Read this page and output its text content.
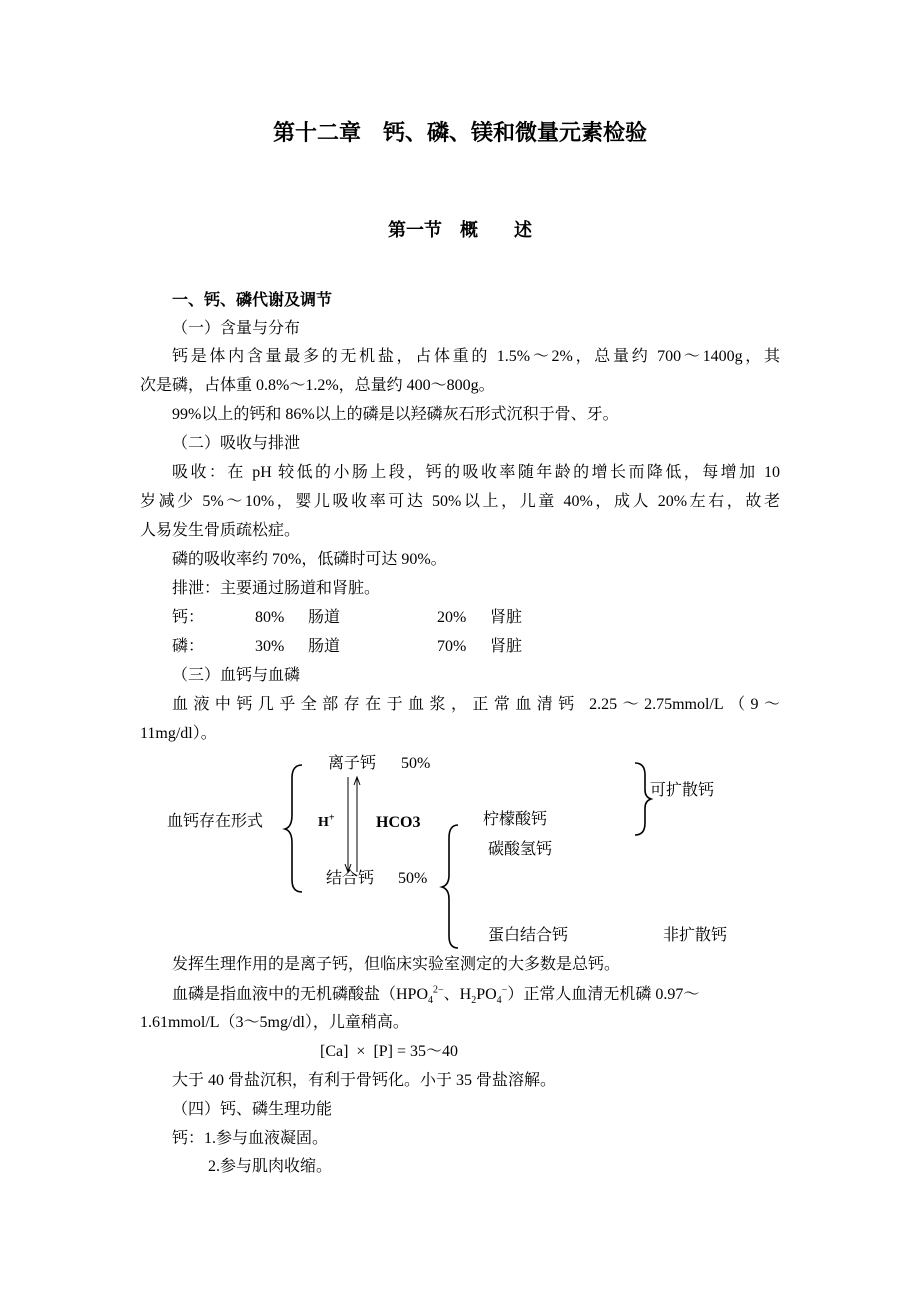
第十二章　钙、磷、镁和微量元素检验
第一节　概　　述
一、钙、磷代谢及调节
（一）含量与分布
钙是体内含量最多的无机盐，占体重的 1.5%～2%，总量约 700～1400g，其
次是磷，占体重 0.8%～1.2%，总量约 400～800g。
99%以上的钙和 86%以上的磷是以羟磷灰石形式沉积于骨、牙。
（二）吸收与排泄
吸收：在 pH 较低的小肠上段，钙的吸收率随年龄的增长而降低，每增加 10
岁减少 5%～10%，婴儿吸收率可达 50%以上，儿童 40%，成人 20%左右，故老
人易发生骨质疏松症。
磷的吸收率约 70%，低磷时可达 90%。
排泄：主要通过肠道和肾脏。
钙：	80% 肠道	20% 肾脏
磷：	30% 肠道	70% 肾脏
（三）血钙与血磷
血液中钙几乎全部存在于血浆，正常血清钙 2.25～2.75mmol/L（9～
11mg/dl）。
离子钙 50%
可扩散钙
血钙存在形式	H+	HCO3	柠檬酸钙
碳酸氢钙
结合钙 50%
蛋白结合钙	非扩散钙
发挥生理作用的是离子钙，但临床实验室测定的大多数是总钙。
血磷是指血液中的无机磷酸盐（$HPO_4^{2-}$、$H_2PO_4^-$）正常人血清无机磷 0.97～
1.61mmol/L（3～5mg/dl），儿童稍高。
[Ca]  ×  [P] = 35～40
大于 40 骨盐沉积，有利于骨钙化。小于 35 骨盐溶解。
（四）钙、磷生理功能
钙：1.参与血液凝固。
2.参与肌肉收缩。
